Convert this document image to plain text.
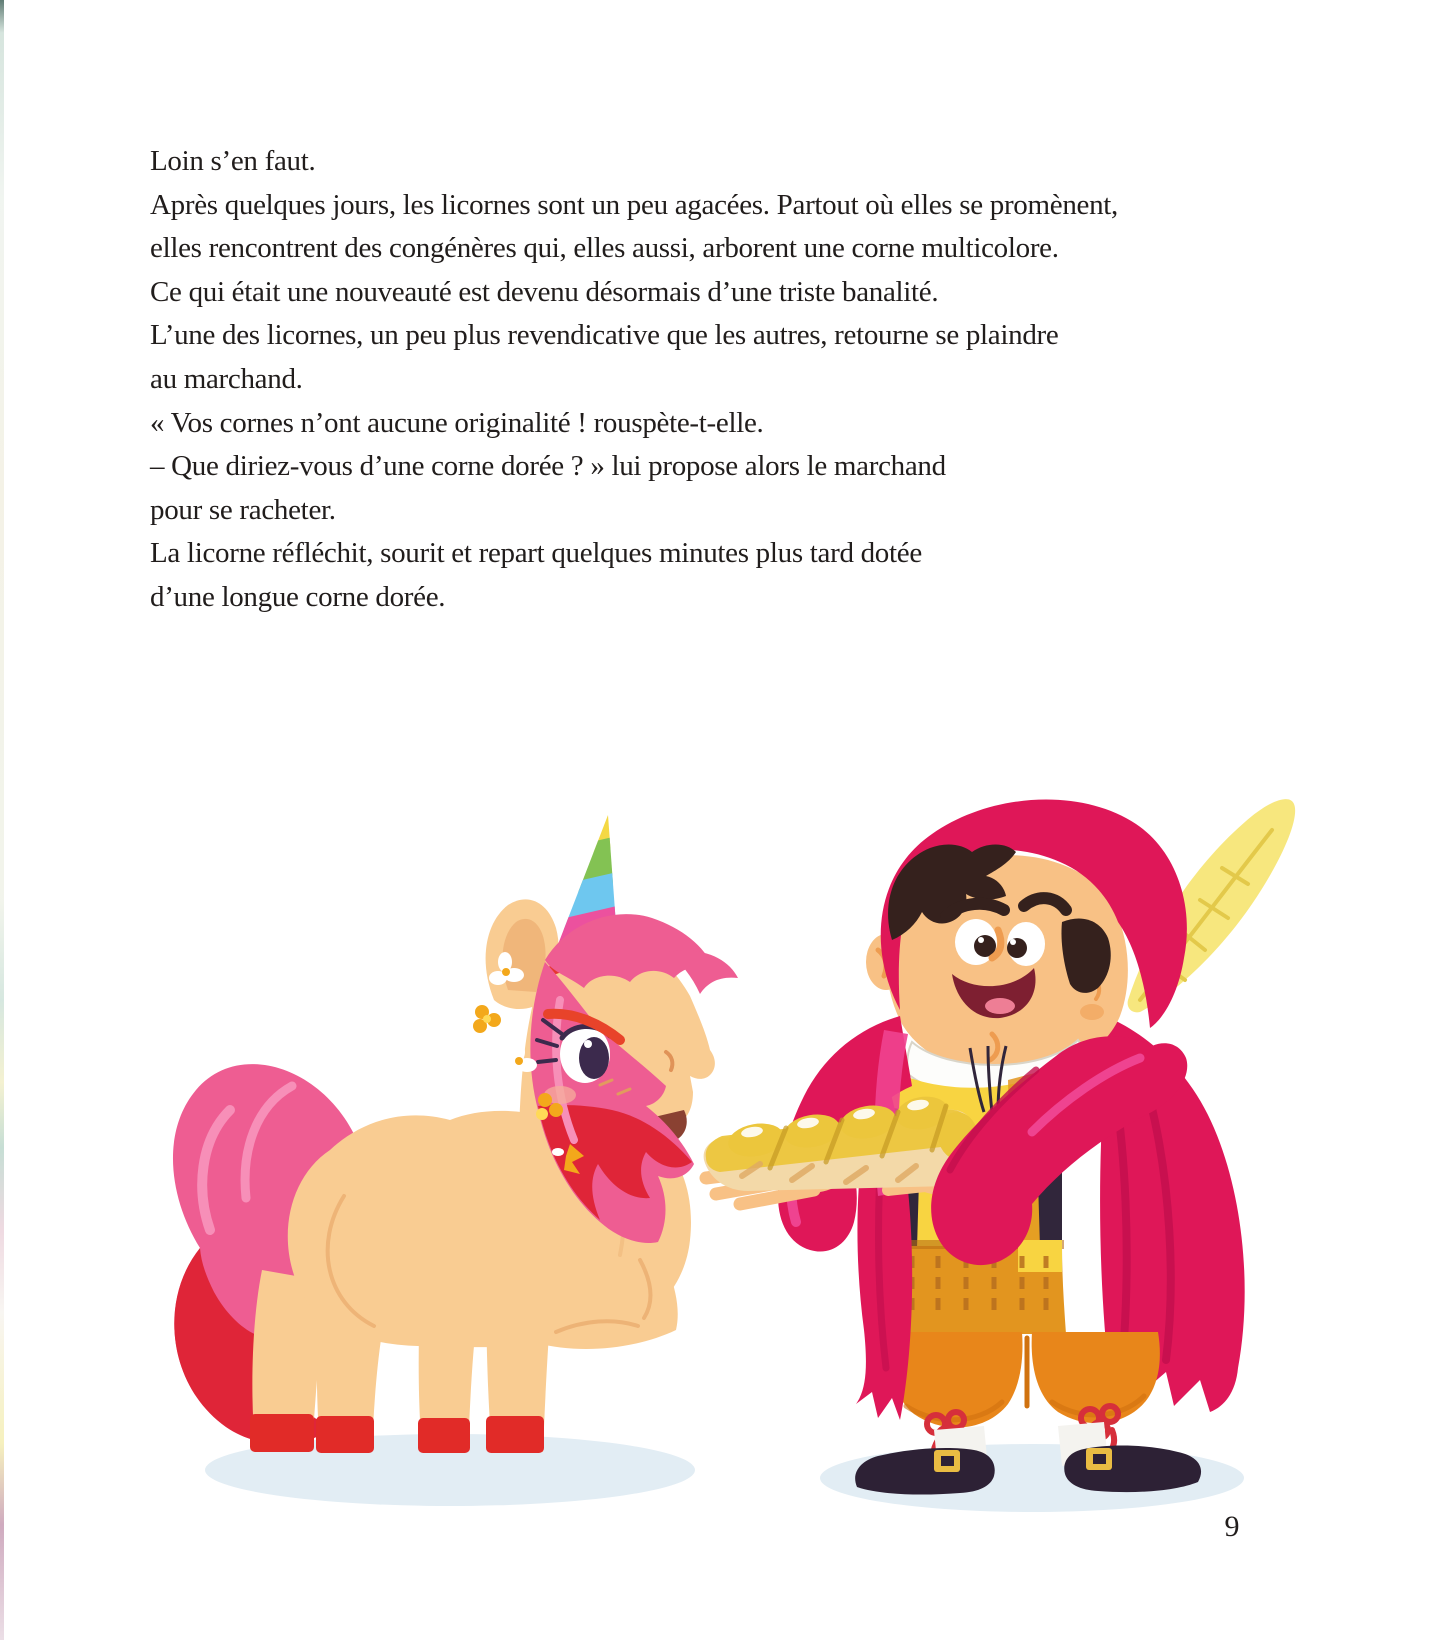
Loin s’en faut.

Après quelques jours, les licornes sont un peu agacées. Partout où elles se promènent,

elles rencontrent des congénères qui, elles aussi, arborent une corne multicolore.

Ce qui était une nouveauté est devenu désormais d’une triste banalité.

L’une des licornes, un peu plus revendicative que les autres, retourne se plaindre

au marchand.

« Vos cornes n’ont aucune originalité ! rouspète-t-elle.

– Que diriez-vous d’une corne dorée ? » lui propose alors le marchand

pour se racheter.

La licorne réfléchit, sourit et repart quelques minutes plus tard dotée

d’une longue corne dorée.

9
